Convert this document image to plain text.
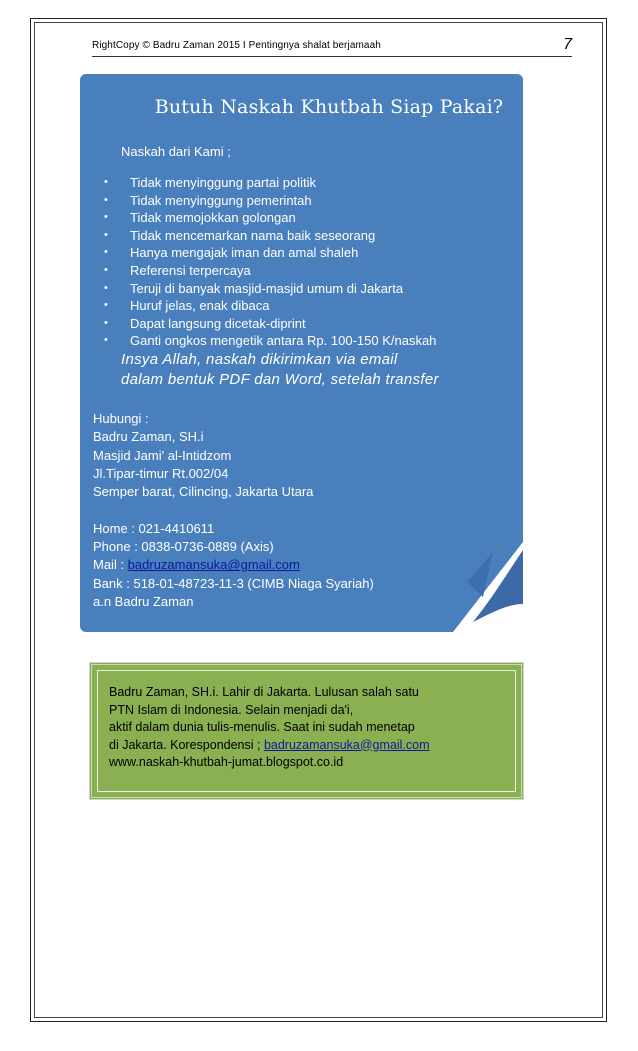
RightCopy © Badru Zaman 2015 I Pentingnya shalat berjamaah	7
Butuh Naskah Khutbah Siap Pakai?
Naskah dari Kami ;
• Tidak menyinggung partai politik
• Tidak menyinggung pemerintah
• Tidak memojokkan golongan
• Tidak mencemarkan nama baik seseorang
• Hanya mengajak iman dan amal shaleh
• Referensi terpercaya
• Teruji di banyak masjid-masjid umum di Jakarta
• Huruf jelas, enak dibaca
• Dapat langsung dicetak-diprint
• Ganti ongkos mengetik antara Rp. 100-150 K/naskah
Insya Allah, naskah dikirimkan via email
dalam bentuk PDF dan Word, setelah transfer
Hubungi :
Badru Zaman, SH.i
Masjid Jami' al-Intidzom
Jl.Tipar-timur Rt.002/04
Semper barat, Cilincing, Jakarta Utara
Home : 021-4410611
Phone : 0838-0736-0889 (Axis)
Mail : badruzamansuka@gmail.com
Bank : 518-01-48723-11-3 (CIMB Niaga Syariah)
a.n Badru Zaman
Badru Zaman, SH.i. Lahir di Jakarta. Lulusan salah satu
PTN Islam di Indonesia. Selain menjadi da'i,
aktif dalam dunia tulis-menulis. Saat ini sudah menetap
di Jakarta. Korespondensi ; badruzamansuka@gmail.com
www.naskah-khutbah-jumat.blogspot.co.id
